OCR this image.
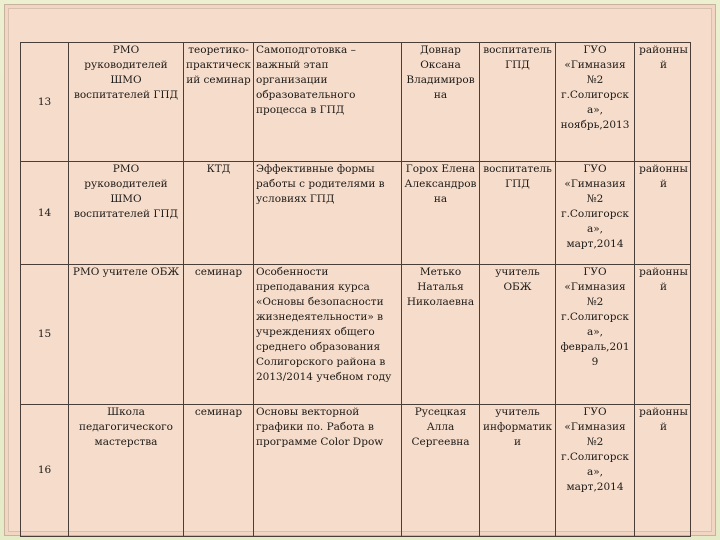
13	РМО руководителей ШМО воспитателей ГПД	теоретико-практический семинар	Самоподготовка – важный этап организации образовательного процесса в ГПД	Довнар Оксана Владимировна	воспитатель ГПД	ГУО «Гимназия №2 г.Солигорска», ноябрь,2013	районный
14	РМО руководителей ШМО воспитателей ГПД	КТД	Эффективные формы работы с родителями в условиях ГПД	Горох Елена Александровна	воспитатель ГПД	ГУО «Гимназия №2 г.Солигорска», март,2014	районный
15	РМО учителе ОБЖ	семинар	Особенности преподавания курса «Основы безопасности жизнедеятельности» в учреждениях общего среднего образования Солигорского района в 2013/2014 учебном году	Метько Наталья Николаевна	учитель ОБЖ	ГУО «Гимназия №2 г.Солигорска», февраль,2019	районный
16	Школа педагогического мастерства	семинар	Основы векторной графики по. Работа в программе Color Dpow	Русецкая Алла Сергеевна	учитель информатики	ГУО «Гимназия №2 г.Солигорска», март,2014	районный
